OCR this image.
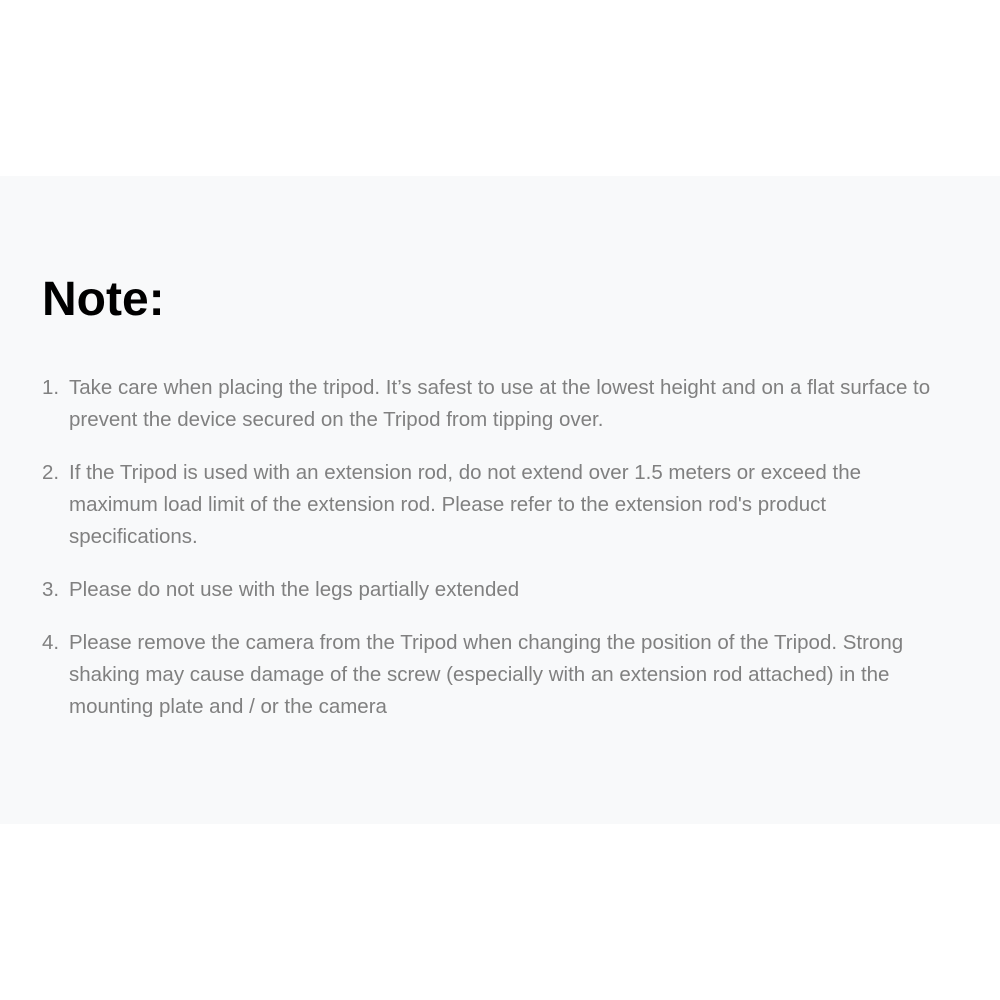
Note:
1. Take care when placing the tripod. It’s safest to use at the lowest height and on a flat surface to prevent the device secured on the Tripod from tipping over.
2. If the Tripod is used with an extension rod, do not extend over 1.5 meters or exceed the maximum load limit of the extension rod. Please refer to the extension rod's product specifications.
3. Please do not use with the legs partially extended
4. Please remove the camera from the Tripod when changing the position of the Tripod. Strong shaking may cause damage of the screw (especially with an extension rod attached) in the mounting plate and / or the camera
